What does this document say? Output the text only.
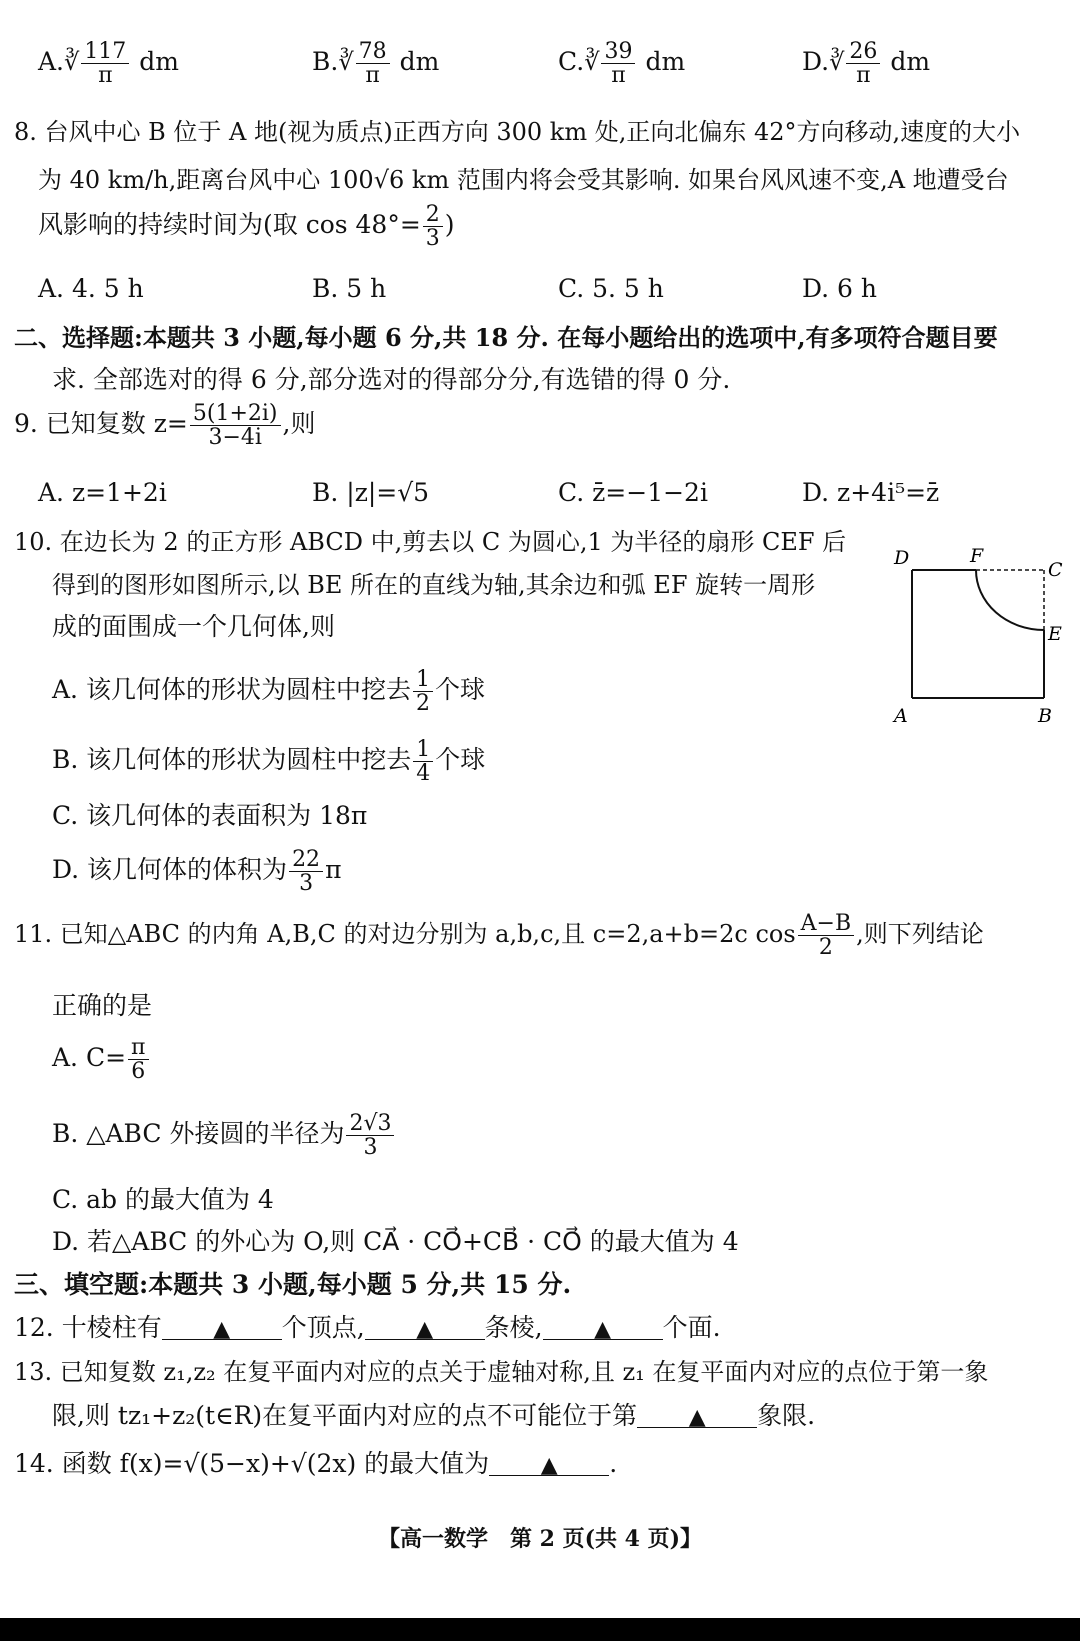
A.∛ $\frac{117}{\pi}$ dm	B.∛ $\frac{78}{\pi}$ dm	C.∛ $\frac{39}{\pi}$ dm	D.∛ $\frac{26}{\pi}$ dm
8. 台风中心 B 位于 A 地(视为质点)正西方向 300 km 处,正向北偏东 42°方向移动,速度的大小
为 40 km/h,距离台风中心 100√6 km 范围内将会受其影响. 如果台风风速不变,A 地遭受台
风影响的持续时间为(取 $\cos 48^\circ= \frac{2}{3}$ )
A. 4. 5 h	B. 5 h	C. 5. 5 h	D. 6 h
二、选择题:本题共 3 小题,每小题 6 分,共 18 分. 在每小题给出的选项中,有多项符合题目要
求. 全部选对的得 6 分,部分选对的得部分分,有选错的得 0 分.
9. 已知复数 $z= \frac{5(1+2i)}{3-4i}$ ,则
A. z=1+2i	B. |z|=√5	C. z̄=−1−2i	D. z+4i⁵=z̄
10. 在边长为 2 的正方形 ABCD 中,剪去以 C 为圆心,1 为半径的扇形 CEF 后
得到的图形如图所示,以 BE 所在的直线为轴,其余边和弧 EF 旋转一周形
成的面围成一个几何体,则
A. 该几何体的形状为圆柱中挖去 $\frac{1}{2}$ 个球
B. 该几何体的形状为圆柱中挖去 $\frac{1}{4}$ 个球
C. 该几何体的表面积为 18π
D. 该几何体的体积为 $\frac{22}{3}$ π
D	F
C
E
A	B
11. 已知△ABC 的内角 A,B,C 的对边分别为 a,b,c,且 c=2,a+b=2c $\cos \frac{A-B}{2}$ ,则下列结论
正确的是
A. $C= \frac{\pi}{6}$
B. △ABC 外接圆的半径为 $\frac{2√3}{3}$
C. ab 的最大值为 4
D. 若△ABC 的外心为 O,则 CA⃗ · CO⃗+CB⃗ · CO⃗ 的最大值为 4
三、填空题:本题共 3 小题,每小题 5 分,共 15 分.
12. 十棱柱有 ▲ 个顶点, ▲ 条棱, ▲ 个面.
13. 已知复数 z₁,z₂ 在复平面内对应的点关于虚轴对称,且 z₁ 在复平面内对应的点位于第一象
限,则 tz₁+z₂(t∈R)在复平面内对应的点不可能位于第 ▲ 象限.
14. 函数 f(x)=√(5−x)+√(2x) 的最大值为 ▲ .
【高一数学　第 2 页(共 4 页)】
